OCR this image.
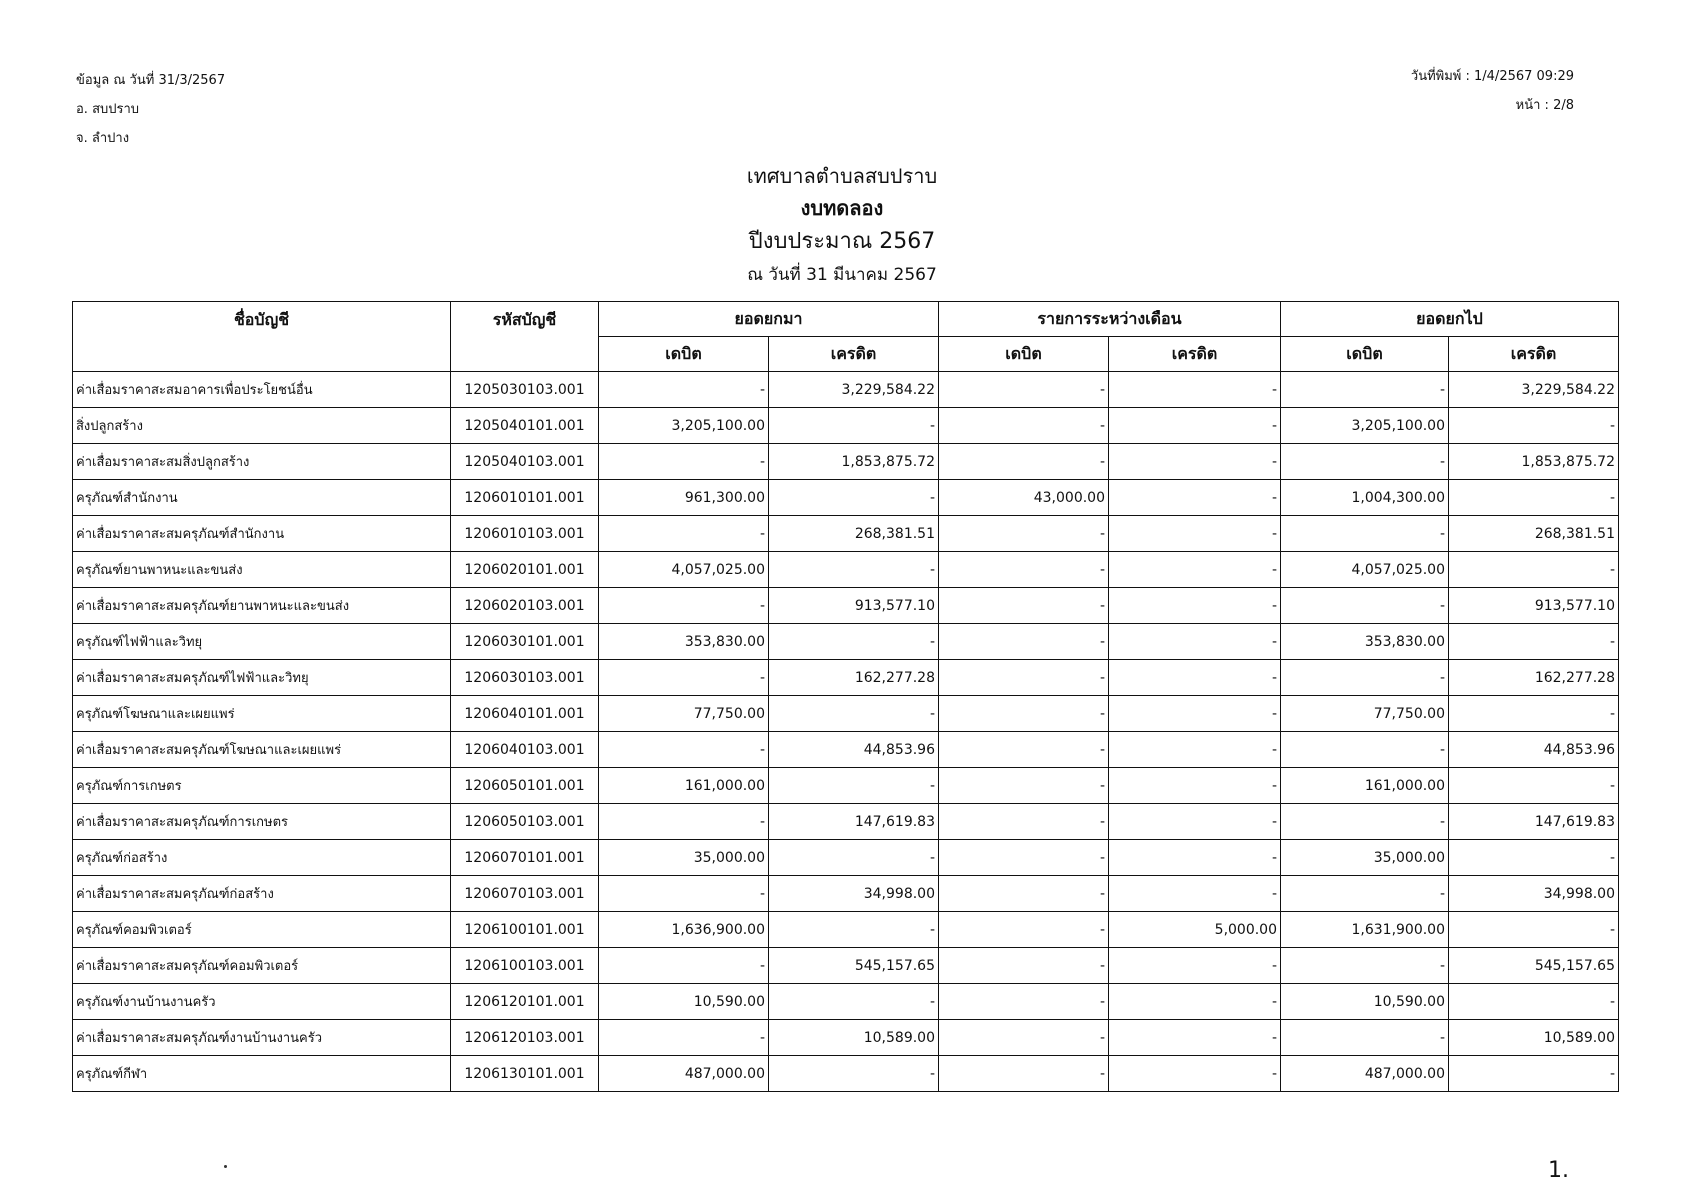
ข้อมูล ณ วันที่ 31/3/2567
อ. สบปราบ
จ. ลำปาง
วันที่พิมพ์ : 1/4/2567 09:29
หน้า : 2/8
เทศบาลตำบลสบปราบ
งบทดลอง
ปีงบประมาณ 2567
ณ วันที่ 31 มีนาคม 2567
ชื่อบัญชี	รหัสบัญชี	ยอดยกมา		รายการระหว่างเดือน		ยอดยกไป	
		เดบิต	เครดิต	เดบิต	เครดิต	เดบิต	เครดิต
ค่าเสื่อมราคาสะสมอาคารเพื่อประโยชน์อื่น	1205030103.001	-	3,229,584.22	-	-	-	3,229,584.22
สิ่งปลูกสร้าง	1205040101.001	3,205,100.00	-	-	-	3,205,100.00	-
ค่าเสื่อมราคาสะสมสิ่งปลูกสร้าง	1205040103.001	-	1,853,875.72	-	-	-	1,853,875.72
ครุภัณฑ์สำนักงาน	1206010101.001	961,300.00	-	43,000.00	-	1,004,300.00	-
ค่าเสื่อมราคาสะสมครุภัณฑ์สำนักงาน	1206010103.001	-	268,381.51	-	-	-	268,381.51
ครุภัณฑ์ยานพาหนะและขนส่ง	1206020101.001	4,057,025.00	-	-	-	4,057,025.00	-
ค่าเสื่อมราคาสะสมครุภัณฑ์ยานพาหนะและขนส่ง	1206020103.001	-	913,577.10	-	-	-	913,577.10
ครุภัณฑ์ไฟฟ้าและวิทยุ	1206030101.001	353,830.00	-	-	-	353,830.00	-
ค่าเสื่อมราคาสะสมครุภัณฑ์ไฟฟ้าและวิทยุ	1206030103.001	-	162,277.28	-	-	-	162,277.28
ครุภัณฑ์โฆษณาและเผยแพร่	1206040101.001	77,750.00	-	-	-	77,750.00	-
ค่าเสื่อมราคาสะสมครุภัณฑ์โฆษณาและเผยแพร่	1206040103.001	-	44,853.96	-	-	-	44,853.96
ครุภัณฑ์การเกษตร	1206050101.001	161,000.00	-	-	-	161,000.00	-
ค่าเสื่อมราคาสะสมครุภัณฑ์การเกษตร	1206050103.001	-	147,619.83	-	-	-	147,619.83
ครุภัณฑ์ก่อสร้าง	1206070101.001	35,000.00	-	-	-	35,000.00	-
ค่าเสื่อมราคาสะสมครุภัณฑ์ก่อสร้าง	1206070103.001	-	34,998.00	-	-	-	34,998.00
ครุภัณฑ์คอมพิวเตอร์	1206100101.001	1,636,900.00	-	-	5,000.00	1,631,900.00	-
ค่าเสื่อมราคาสะสมครุภัณฑ์คอมพิวเตอร์	1206100103.001	-	545,157.65	-	-	-	545,157.65
ครุภัณฑ์งานบ้านงานครัว	1206120101.001	10,590.00	-	-	-	10,590.00	-
ค่าเสื่อมราคาสะสมครุภัณฑ์งานบ้านงานครัว	1206120103.001	-	10,589.00	-	-	-	10,589.00
ครุภัณฑ์กีฬา	1206130101.001	487,000.00	-	-	-	487,000.00	-
1.
